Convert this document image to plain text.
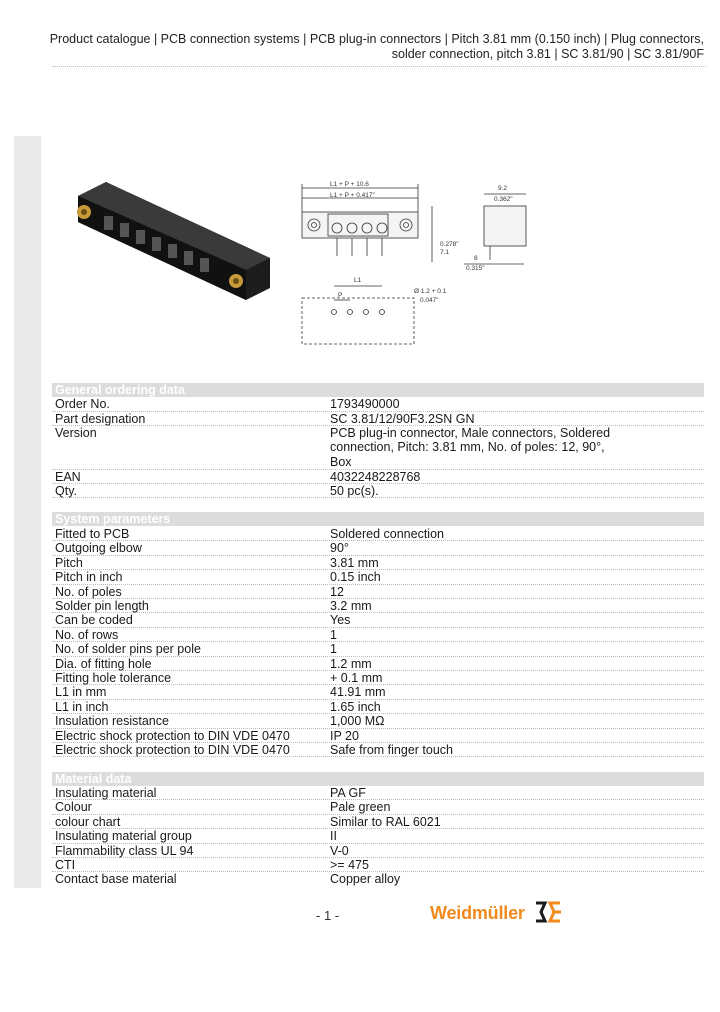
Product catalogue | PCB connection systems | PCB plug-in connectors | Pitch 3.81 mm (0.150 inch) | Plug connectors,
solder connection, pitch 3.81 | SC 3.81/90 | SC 3.81/90F
L1 + P + 10.6
L1 + P + 0.417"
7.1
0.278"
9.2
0.362"
8
0.315"
L1
P
Ø 1.2 + 0.1
0.047"
General ordering data
Order No.	1793490000
Part designation	SC 3.81/12/90F3.2SN GN
Version	PCB plug-in connector, Male connectors, Soldered connection, Pitch: 3.81 mm, No. of poles: 12, 90°, Box
EAN	4032248228768
Qty.	50 pc(s).
System parameters
Fitted to PCB	Soldered connection
Outgoing elbow	90°
Pitch	3.81 mm
Pitch in inch	0.15 inch
No. of poles	12
Solder pin length	3.2 mm
Can be coded	Yes
No. of rows	1
No. of solder pins per pole	1
Dia. of fitting hole	1.2 mm
Fitting hole tolerance	+ 0.1 mm
L1 in mm	41.91 mm
L1 in inch	1.65 inch
Insulation resistance	1,000 MΩ
Electric shock protection to DIN VDE 0470	IP 20
Electric shock protection to DIN VDE 0470	Safe from finger touch
Material data
Insulating material	PA GF
Colour	Pale green
colour chart	Similar to RAL 6021
Insulating material group	II
Flammability class UL 94	V-0
CTI	>= 475
Contact base material	Copper alloy
- 1 -	Weidmüller
